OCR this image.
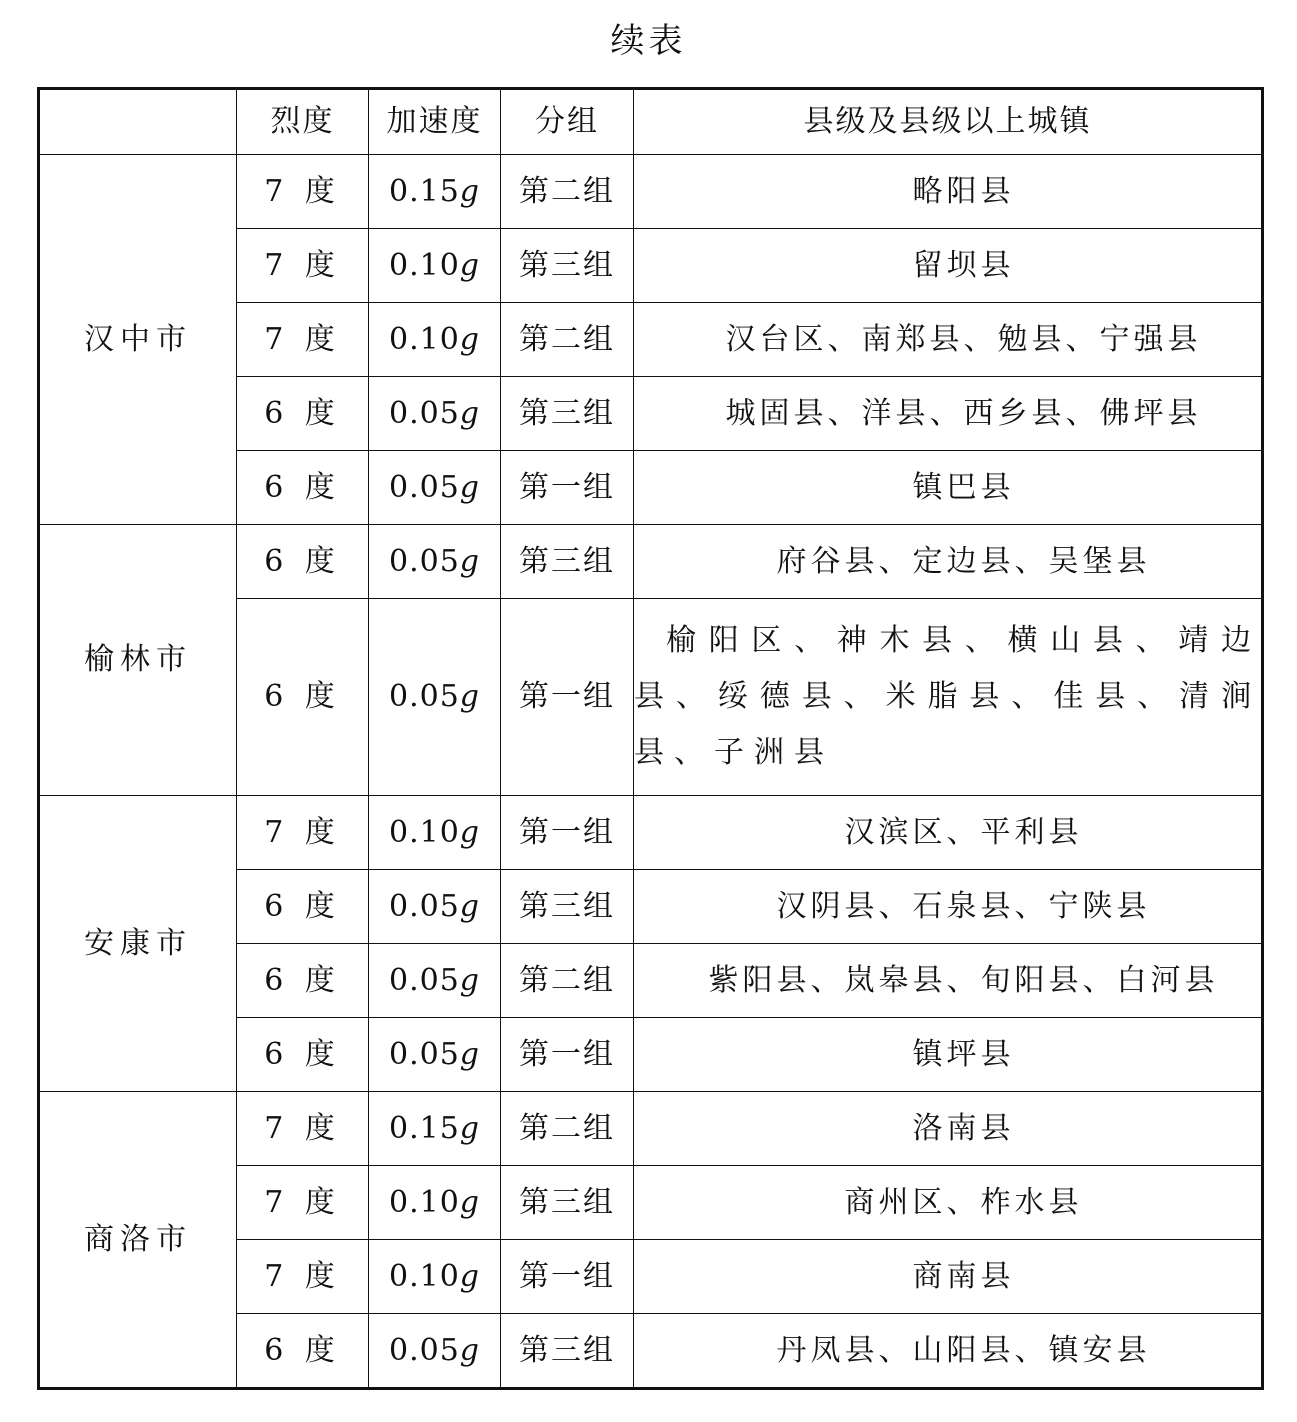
续表
	烈度	加速度	分组	县级及县级以上城镇
汉中市	7 度	0.15g	第二组	略阳县

	7 度	0.10g	第三组	留坝县

	7 度	0.10g	第二组	汉台区、南郑县、勉县、宁强县

	6 度	0.05g	第三组	城固县、洋县、西乡县、佛坪县

	6 度	0.05g	第一组	镇巴县

榆林市	6 度	0.05g	第三组	府谷县、定边县、吴堡县

	6 度	0.05g	第一组	榆阳区、神木县、横山县、靖边县、绥德县、米脂县、佳县、清涧县、子洲县

安康市	7 度	0.10g	第一组	汉滨区、平利县

	6 度	0.05g	第三组	汉阴县、石泉县、宁陕县

	6 度	0.05g	第二组	紫阳县、岚皋县、旬阳县、白河县

	6 度	0.05g	第一组	镇坪县

商洛市	7 度	0.15g	第二组	洛南县

	7 度	0.10g	第三组	商州区、柞水县

	7 度	0.10g	第一组	商南县

	6 度	0.05g	第三组	丹凤县、山阳县、镇安县
